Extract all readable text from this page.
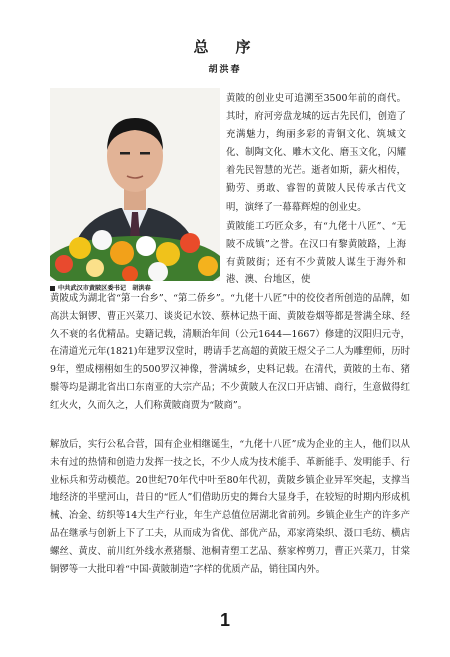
总　序
胡洪春
中共武汉市黄陂区委书记　胡洪春

黄陂的创业史可追溯至3500年前的商代。其时，府河旁盘龙城的远古先民们，创造了充满魅力，绚丽多彩的青铜文化、筑城文化、制陶文化、雕木文化、磨玉文化，闪耀着先民智慧的光芒。逝者如斯，薪火相传，勤劳、勇敢、睿智的黄陂人民传承古代文明，演绎了一幕幕辉煌的创业史。

黄陂能工巧匠众多，有“九佬十八匠”、“无陂不成镇”之誉。在汉口有黎黄陂路，上海有黄陂街；还有不少黄陂人谋生于海外和港、澳、台地区，使

黄陂成为湖北省“第一台乡”、“第二侨乡”。“九佬十八匠”中的佼佼者所创造的品牌，如高洪太铜锣、曹正兴菜刀、谈炎记水饺、蔡林记热干面、黄陂卷烟等都是誉满全球、经久不衰的名优精品。史籍记载，清顺治年间（公元1644—1667）修建的汉阳归元寺，在清道光元年(1821)年建罗汉堂时，聘请手艺高超的黄陂王煜父子二人为雕塑师，历时9年，塑成栩栩如生的500罗汉神像，誉满城乡，史料记载。在清代，黄陂的土布、猪鬃等均是湖北省出口东南亚的大宗产品；不少黄陂人在汉口开店铺、商行，生意做得红红火火，久而久之，人们称黄陂商贾为“陂商”。

解放后，实行公私合营，国有企业相继诞生，“九佬十八匠”成为企业的主人，他们以从未有过的热情和创造力发挥一技之长，不少人成为技术能手、革新能手、发明能手、行业标兵和劳动模范。20世纪70年代中叶至80年代初，黄陂乡镇企业异军突起，支撑当地经济的半壁河山，昔日的“匠人”们借助历史的舞台大显身手，在较短的时期内形成机械、冶金、纺织等14大生产行业，年生产总值位居湖北省前列。乡镇企业生产的许多产品在继承与创新上下了工夫，从而成为省优、部优产品，邓家湾染织、滠口毛纺、横店螺丝、黄皮、前川红外线水煮猪鬃、池桐青塑工艺品、蔡家榨剪刀，曹正兴菜刀，甘棠铜锣等一大批印着“中国·黄陂制造”字样的优质产品，销往国内外。

1
